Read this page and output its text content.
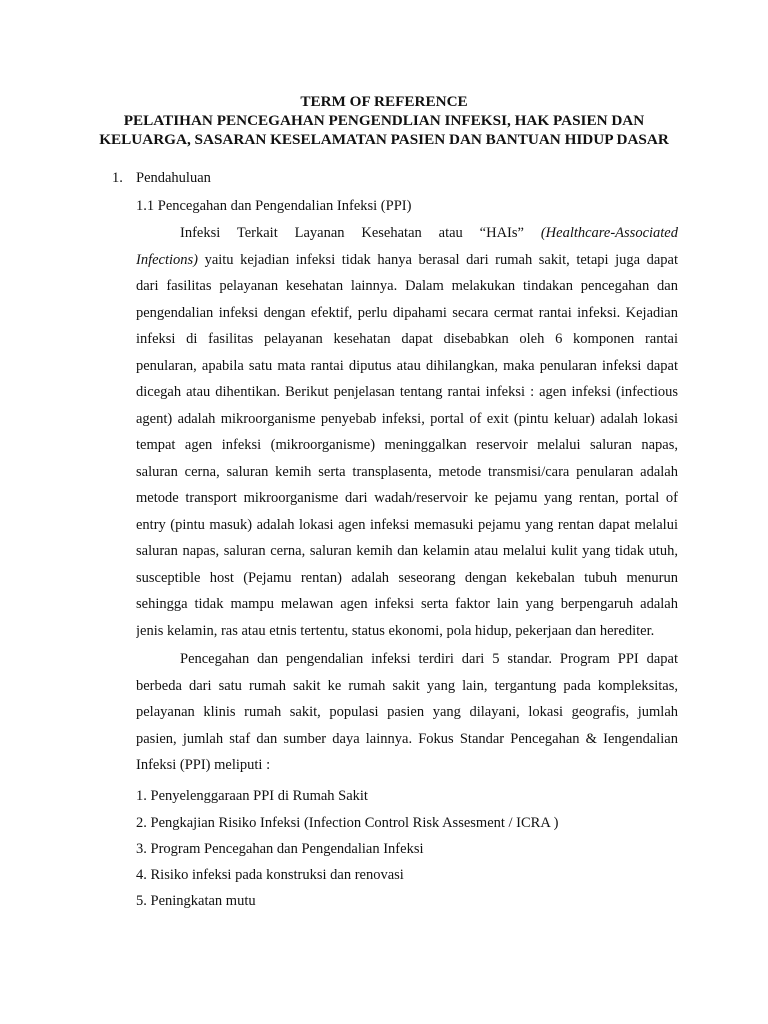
TERM OF REFERENCE
PELATIHAN PENCEGAHAN PENGENDLIAN INFEKSI, HAK PASIEN DAN
KELUARGA, SASARAN KESELAMATAN PASIEN DAN BANTUAN HIDUP DASAR
1. Pendahuluan
1.1 Pencegahan dan Pengendalian Infeksi (PPI)
Infeksi Terkait Layanan Kesehatan atau “HAIs” (Healthcare-Associated
Infections) yaitu kejadian infeksi tidak hanya berasal dari rumah sakit, tetapi juga dapat
dari fasilitas pelayanan kesehatan lainnya. Dalam melakukan tindakan pencegahan dan
pengendalian infeksi dengan efektif, perlu dipahami secara cermat rantai infeksi. Kejadian
infeksi di fasilitas pelayanan kesehatan dapat disebabkan oleh 6 komponen rantai
penularan, apabila satu mata rantai diputus atau dihilangkan, maka penularan infeksi dapat
dicegah atau dihentikan. Berikut penjelasan tentang rantai infeksi : agen infeksi (infectious
agent) adalah mikroorganisme penyebab infeksi, portal of exit (pintu keluar) adalah lokasi
tempat agen infeksi (mikroorganisme) meninggalkan reservoir melalui saluran napas,
saluran cerna, saluran kemih serta transplasenta, metode transmisi/cara penularan adalah
metode transport mikroorganisme dari wadah/reservoir ke pejamu yang rentan, portal of
entry (pintu masuk) adalah lokasi agen infeksi memasuki pejamu yang rentan dapat melalui
saluran napas, saluran cerna, saluran kemih dan kelamin atau melalui kulit yang tidak utuh,
susceptible host (Pejamu rentan) adalah seseorang dengan kekebalan tubuh menurun
sehingga tidak mampu melawan agen infeksi serta faktor lain yang berpengaruh adalah
jenis kelamin, ras atau etnis tertentu, status ekonomi, pola hidup, pekerjaan dan herediter.
Pencegahan dan pengendalian infeksi terdiri dari 5 standar. Program PPI dapat
berbeda dari satu rumah sakit ke rumah sakit yang lain, tergantung pada kompleksitas,
pelayanan klinis rumah sakit, populasi pasien yang dilayani, lokasi geografis, jumlah
pasien, jumlah staf dan sumber daya lainnya. Fokus Standar Pencegahan & Iengendalian
Infeksi (PPI) meliputi :
1. Penyelenggaraan PPI di Rumah Sakit
2. Pengkajian Risiko Infeksi (Infection Control Risk Assesment / ICRA )
3. Program Pencegahan dan Pengendalian Infeksi
4. Risiko infeksi pada konstruksi dan renovasi
5. Peningkatan mutu
